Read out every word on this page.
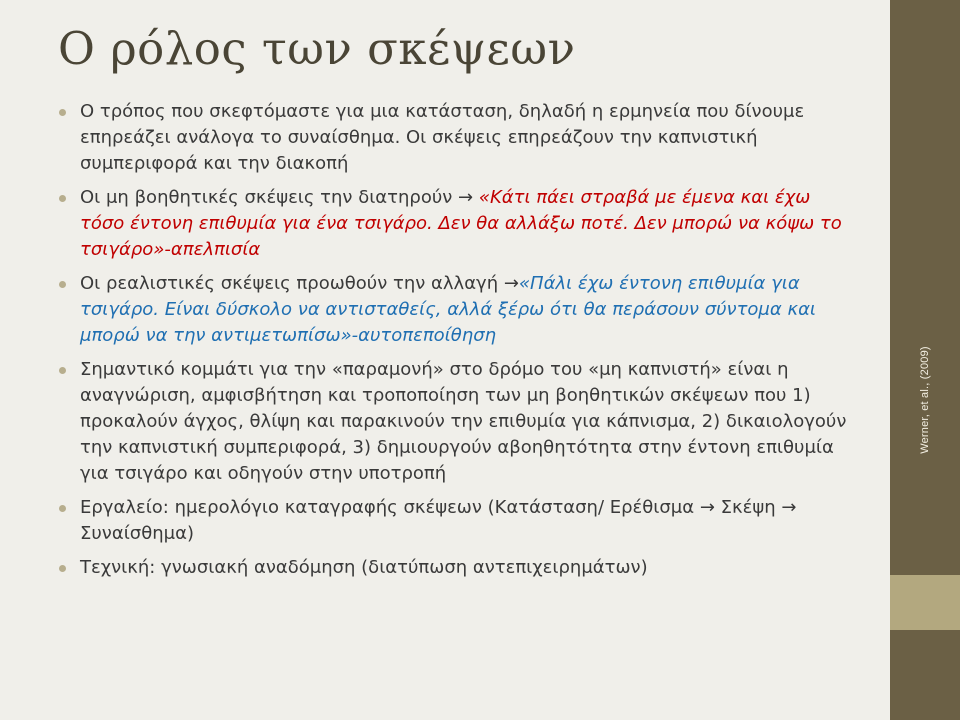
Werner, et al., (2009)
Ο ρόλος των σκέψεων
Ο τρόπος που σκεφτόμαστε για μια κατάσταση, δηλαδή η ερμηνεία που δίνουμε επηρεάζει ανάλογα το συναίσθημα. Οι σκέψεις επηρεάζουν την καπνιστική συμπεριφορά και την διακοπή
Οι μη βοηθητικές σκέψεις την διατηρούν → «Κάτι πάει στραβά με έμενα και έχω τόσο έντονη επιθυμία για ένα τσιγάρο. Δεν θα αλλάξω ποτέ. Δεν μπορώ να κόψω το τσιγάρο»-απελπισία
Οι ρεαλιστικές σκέψεις προωθούν την αλλαγή →«Πάλι έχω έντονη επιθυμία για τσιγάρο. Είναι δύσκολο να αντισταθείς, αλλά ξέρω ότι θα περάσουν σύντομα και μπορώ να την αντιμετωπίσω»-αυτοπεποίθηση
Σημαντικό κομμάτι για την «παραμονή» στο δρόμο του «μη καπνιστή» είναι η αναγνώριση, αμφισβήτηση και τροποποίηση των μη βοηθητικών σκέψεων που 1) προκαλούν άγχος, θλίψη και παρακινούν την επιθυμία για κάπνισμα, 2) δικαιολογούν την καπνιστική συμπεριφορά, 3) δημιουργούν αβοηθητότητα στην έντονη επιθυμία για τσιγάρο και οδηγούν στην υποτροπή
Εργαλείο: ημερολόγιο καταγραφής σκέψεων (Κατάσταση/ Ερέθισμα → Σκέψη → Συναίσθημα)
Τεχνική: γνωσιακή αναδόμηση (διατύπωση αντεπιχειρημάτων)
